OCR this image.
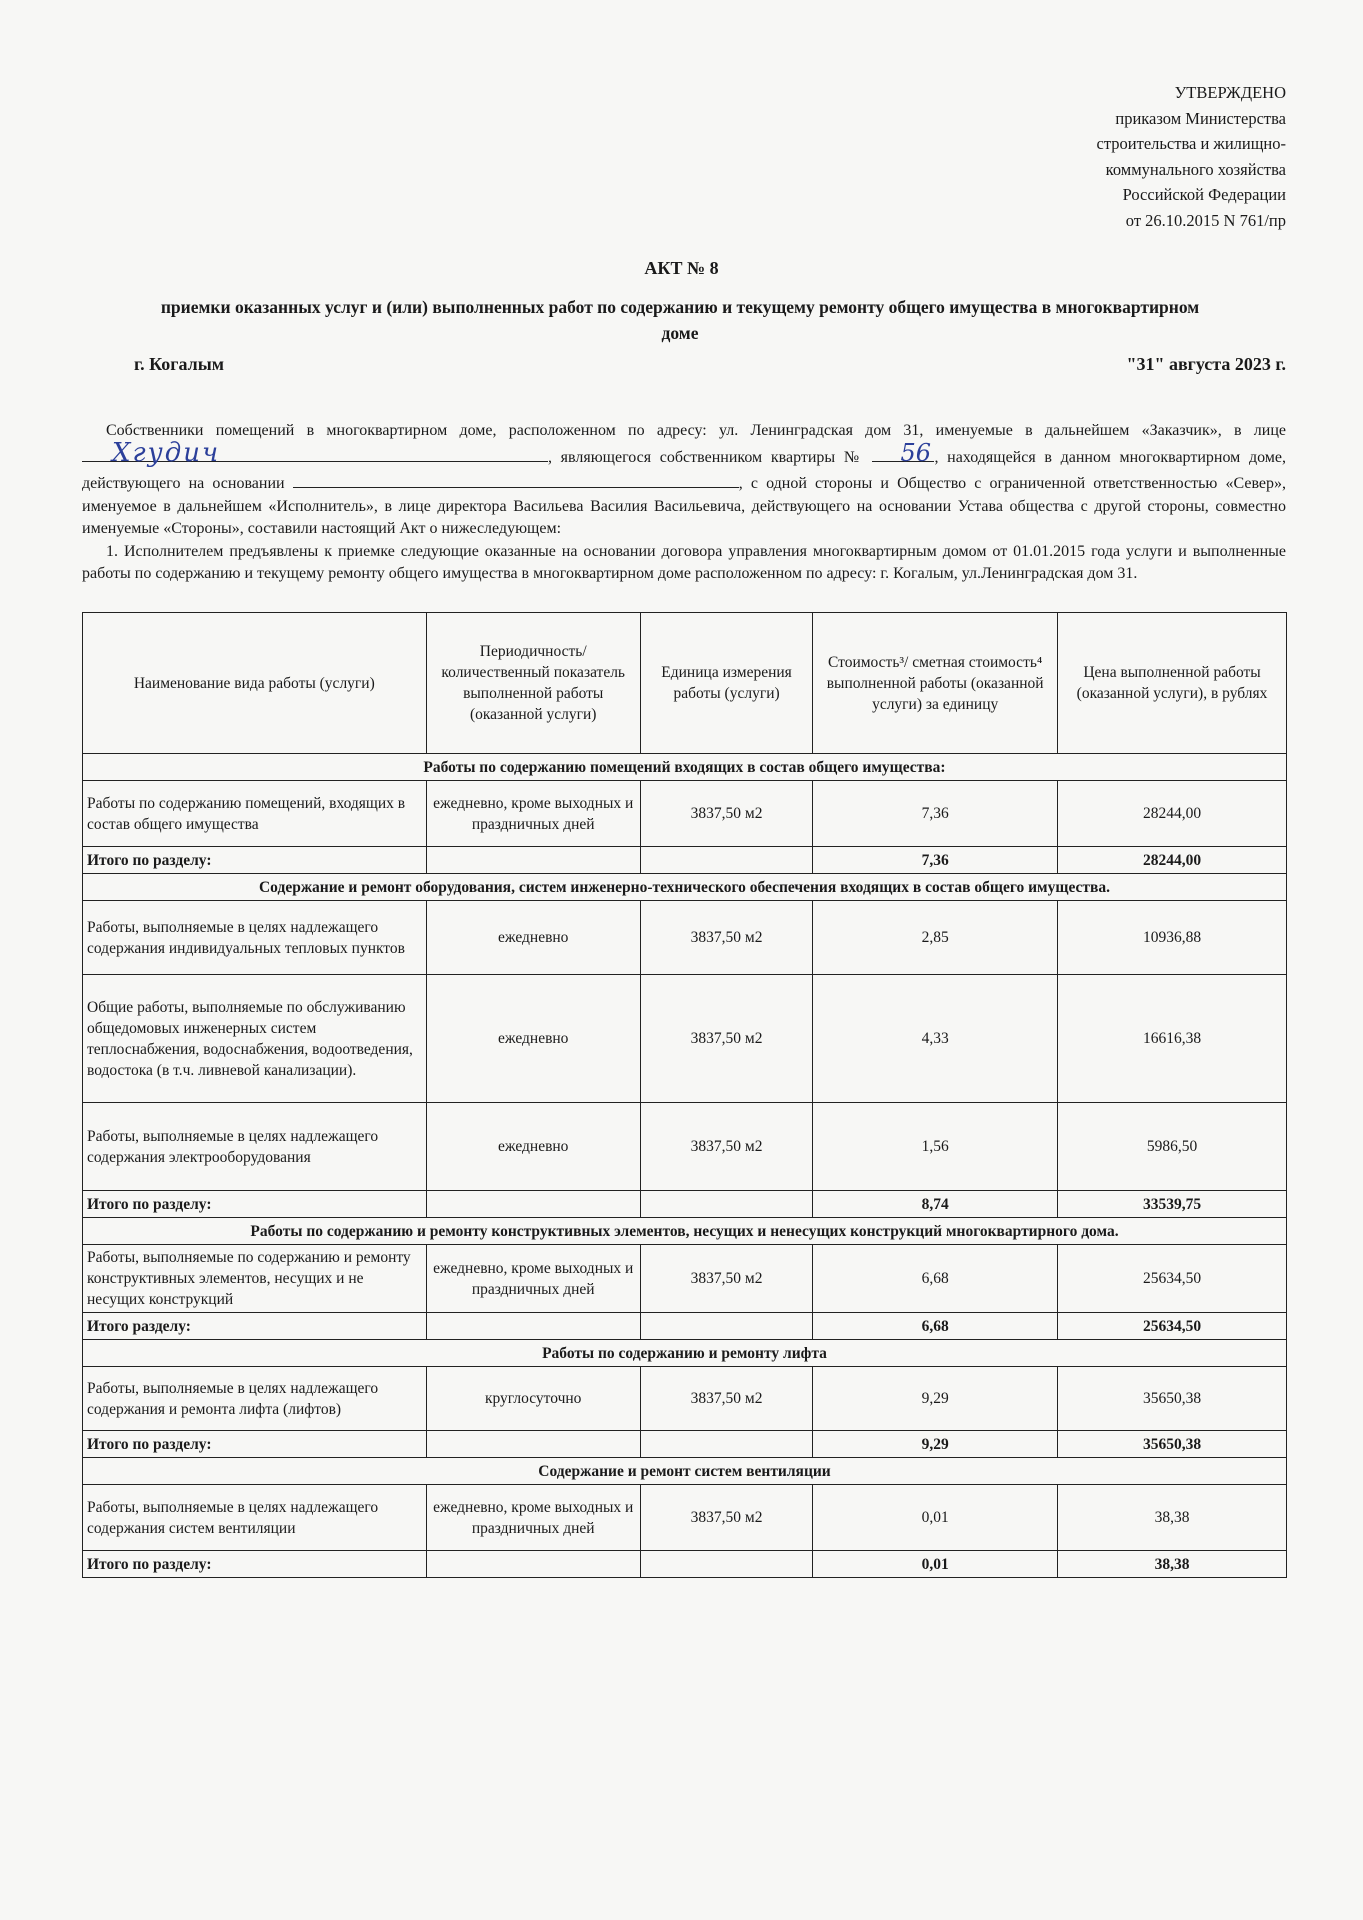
УТВЕРЖДЕНО
приказом Министерства
строительства и жилищно-
коммунального хозяйства
Российской Федерации
от 26.10.2015 N 761/пр
АКТ № 8
приемки оказанных услуг и (или) выполненных работ по содержанию и текущему ремонту общего имущества в многоквартирном доме
г. Когалым	"31" августа 2023 г.

Собственники помещений в многоквартирном доме, расположенном по адресу: ул. Ленинградская дом 31, именуемые в дальнейшем «Заказчик», в лице
Хгудич	, являющегося собственником квартиры №	56 , находящейся в данном многоквартирном доме, действующего на основании	, с одной стороны и Общество с ограниченной ответственностью «Север», именуемое в дальнейшем «Исполнитель», в лице директора Васильева Василия Васильевича, действующего на основании Устава общества с другой стороны, совместно именуемые «Стороны», составили настоящий Акт о нижеследующем:

1. Исполнителем предъявлены к приемке следующие оказанные на основании договора управления многоквартирным домом от 01.01.2015 года услуги и выполненные работы по содержанию и текущему ремонту общего имущества в многоквартирном доме расположенном по адресу: г. Когалым, ул.Ленинградская дом 31.

Наименование вида работы (услуги)	Периодичность/ количественный показатель выполненной работы (оказанной услуги)	Единица измерения работы (услуги)	Стоимость³/ сметная стоимость⁴ выполненной работы (оказанной услуги) за единицу	Цена выполненной работы (оказанной услуги), в рублях
Работы по содержанию помещений входящих в состав общего имущества:				
Работы по содержанию помещений, входящих в состав общего имущества	ежедневно, кроме выходных и праздничных дней	3837,50 м2	7,36	28244,00
Итого по разделу:			7,36	28244,00
Содержание и ремонт оборудования, систем инженерно-технического обеспечения входящих в состав общего имущества.				
Работы, выполняемые в целях надлежащего содержания индивидуальных тепловых пунктов	ежедневно	3837,50 м2	2,85	10936,88
Общие работы, выполняемые по обслуживанию общедомовых инженерных систем теплоснабжения, водоснабжения, водоотведения, водостока (в т.ч. ливневой канализации).	ежедневно	3837,50 м2	4,33	16616,38
Работы, выполняемые в целях надлежащего содержания электрооборудования	ежедневно	3837,50 м2	1,56	5986,50
Итого по разделу:			8,74	33539,75
Работы по содержанию и ремонту конструктивных элементов, несущих и ненесущих конструкций многоквартирного дома.				
Работы, выполняемые по содержанию и ремонту конструктивных элементов, несущих и не несущих конструкций	ежедневно, кроме выходных и праздничных дней	3837,50 м2	6,68	25634,50
Итого разделу:			6,68	25634,50
Работы по содержанию и ремонту лифта				
Работы, выполняемые в целях надлежащего содержания и ремонта лифта (лифтов)	круглосуточно	3837,50 м2	9,29	35650,38
Итого по разделу:			9,29	35650,38
Содержание и ремонт систем вентиляции				
Работы, выполняемые в целях надлежащего содержания систем вентиляции	ежедневно, кроме выходных и праздничных дней	3837,50 м2	0,01	38,38
Итого по разделу:			0,01	38,38
